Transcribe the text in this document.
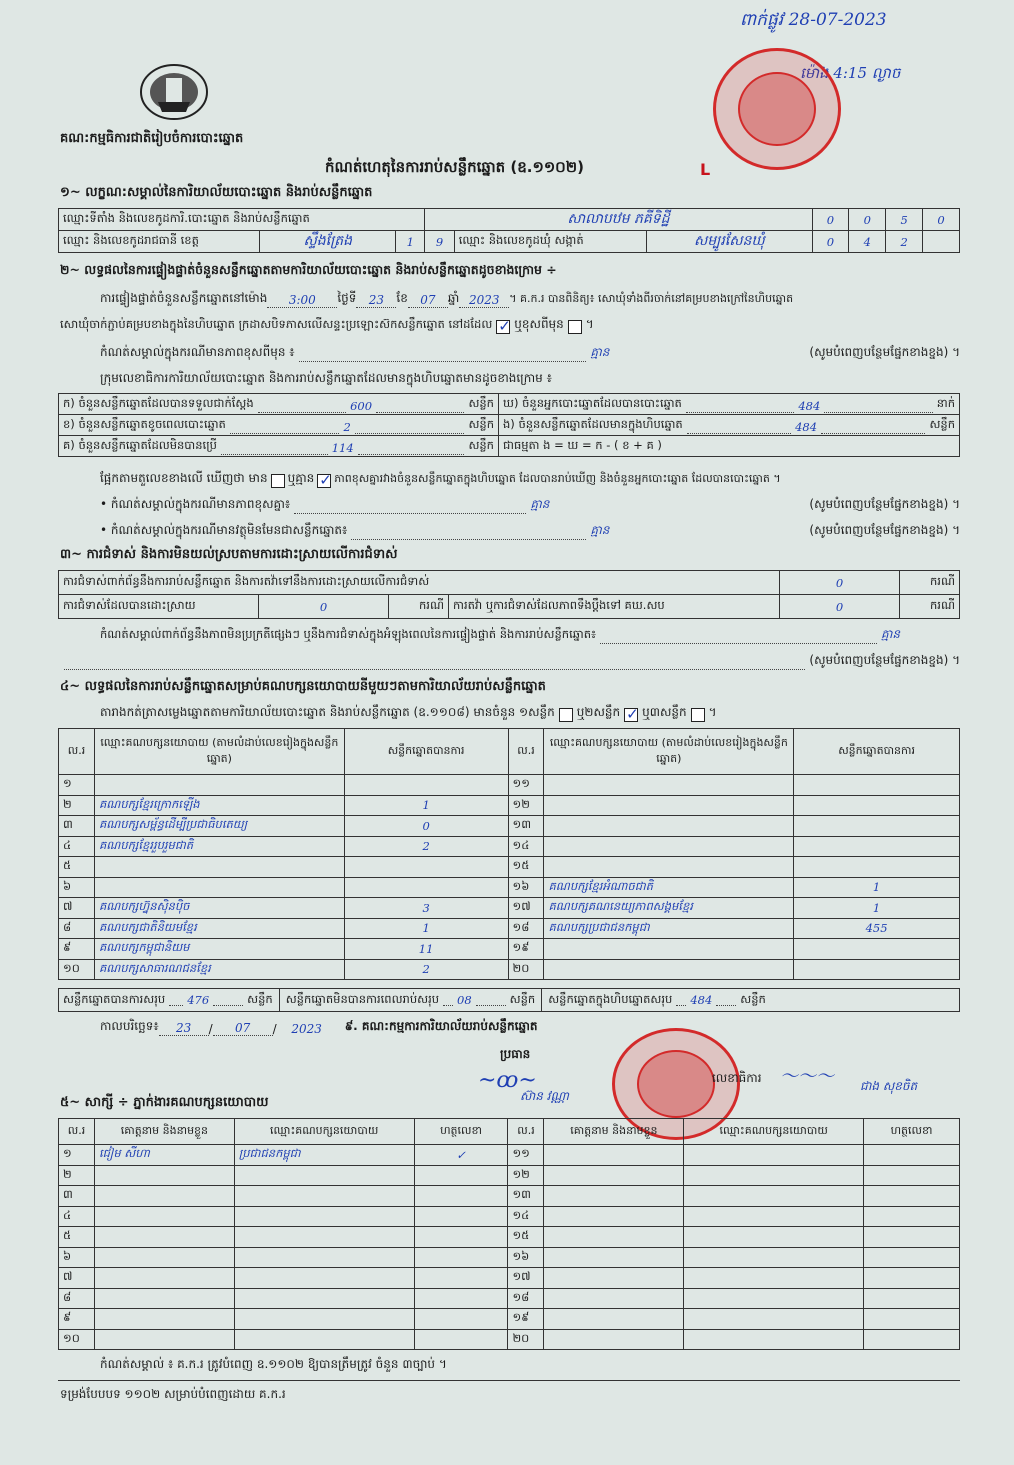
គណ:កម្មធិការជាតិរៀបចំការបោះឆ្នោត
កំណត់ហេតុនៃការរាប់សន្លឹកឆ្នោត (ឧ.១១០២)	L
ពាក់ផ្លូវ 28-07-2023
ម៉ោង 4:15 ល្ងាច
១~ លក្ខណ:សម្គាល់នៃការិយាល័យបោះឆ្នោត និងរាប់សន្លឹកឆ្នោត
ឈ្មោះទីតាំង និងលេខកូដការិ.បោះឆ្នោត និងរាប់សន្លឹកឆ្នោត			សាលាបឋម ភគីទិដ្ឋី			0	0	5	0
ឈ្មោះ និងលេខកូដរាជធានី ខេត្ត	ស្ទឹងត្រែង	1	9	ឈ្មោះ និងលេខកូដឃុំ សង្កាត់	សម្បូរសែនឃុំ	0	4	2	
២~ លទ្ធផលនៃការផ្ទៀងផ្ទាត់ចំនួនសន្លឹកឆ្នោតតាមការិយាល័យបោះឆ្នោត និងរាប់សន្លឹកឆ្នោតដូចខាងក្រោម ÷
ការផ្ទៀងផ្ទាត់ចំនួនសន្លឹកឆ្នោតនៅម៉ោង	3:00	ថ្ងៃទី	23	ខែ	07	ឆ្នាំ 2023 ។ គ.ក.រ បានពិនិត្យ៖ សោឃុំទាំងពីរចាក់នៅគម្របខាងក្រៅនៃហិបឆ្នោត
សោឃុំចាក់ភ្ជាប់គម្របខាងក្នុងនៃហិបឆ្នោត ក្រដាសបិទភាសលើសន្ទះប្រឡោះស៊កសន្លឹកឆ្នោត នៅដដែល ✓ ឬខុសពីមុន ។
កំណត់សម្គាល់ក្នុងករណីមានភាពខុសពីមុន ៖	គ្មាន	(សូមបំពេញបន្ថែមផ្នែកខាងខ្នង) ។
ក្រុមលេខាធិការការិយាល័យបោះឆ្នោត និងការរាប់សន្លឹកឆ្នោតដែលមានក្នុងហិបឆ្នោតមានដូចខាងក្រោម ៖
ក) ចំនួនសន្លឹកឆ្នោតដែលបានទទួលជាក់ស្តែង 600 សន្លឹក	ឃ) ចំនួនអ្នកបោះឆ្នោតដែលបានបោះឆ្នោត 484 នាក់

ខ) ចំនួនសន្លឹកឆ្នោតខូចពេលបោះឆ្នោត 2 សន្លឹក	ង) ចំនួនសន្លឹកឆ្នោតដែលមានក្នុងហិបឆ្នោត 484 សន្លឹក

គ) ចំនួនសន្លឹកឆ្នោតដែលមិនបានប្រើ 114 សន្លឹក	ជាធម្មតា ង = ឃ = ក - ( ខ + គ )
ផ្អែកតាមតួលេខខាងលើ ឃើញថា មាន ឬគ្មាន ✓ ភាពខុសគ្នារវាងចំនួនសន្លឹកឆ្នោតក្នុងហិបឆ្នោត ដែលបានរាប់ឃើញ និងចំនួនអ្នកបោះឆ្នោត ដែលបានបោះឆ្នោត ។
• កំណត់សម្គាល់ក្នុងករណីមានភាពខុសគ្នា៖	គ្មាន	(សូមបំពេញបន្ថែមផ្នែកខាងខ្នង) ។
• កំណត់សម្គាល់ក្នុងករណីមានវត្ថុមិនមែនជាសន្លឹកឆ្នោត៖	គ្មាន	(សូមបំពេញបន្ថែមផ្នែកខាងខ្នង) ។
៣~ ការជំទាស់ និងការមិនយល់ស្របតាមការដោះស្រាយលើការជំទាស់
ការជំទាស់ពាក់ព័ន្ធនឹងការរាប់សន្លឹកឆ្នោត និងការតវ៉ាទៅនឹងការដោះស្រាយលើការជំទាស់				0	ករណី
ការជំទាស់ដែលបានដោះស្រាយ	0	ករណី	ការតវ៉ា ឬការជំទាស់ដែលភាពទឹងប្តឹងទៅ គឃ.សប	0	ករណី
កំណត់សម្គាល់ពាក់ព័ន្ធនឹងភាពមិនប្រក្រតីផ្សេងៗ ឬនឹងការជំទាស់ក្នុងអំឡុងពេលនៃការផ្ទៀងផ្ទាត់ និងការរាប់សន្លឹកឆ្នោត៖	គ្មាន
(សូមបំពេញបន្ថែមផ្នែកខាងខ្នង) ។
៤~ លទ្ធផលនៃការរាប់សន្លឹកឆ្នោតសម្រាប់គណបក្សនយោបាយនីមួយៗតាមការិយាល័យរាប់សន្លឹកឆ្នោត
តារាងកត់ត្រាសម្លេងឆ្នោតតាមការិយាល័យបោះឆ្នោត និងរាប់សន្លឹកឆ្នោត (ឧ.១១០៨) មានចំនួន ១សន្លឹក ឬ២សន្លឹក ✓ ឬ៣សន្លឹក ។
ល.រ	ឈ្មោះគណបក្សនយោបាយ (តាមលំដាប់លេខរៀងក្នុងសន្លឹកឆ្នោត)	សន្លឹកឆ្នោតបានការ	ល.រ	ឈ្មោះគណបក្សនយោបាយ (តាមលំដាប់លេខរៀងក្នុងសន្លឹកឆ្នោត)	សន្លឹកឆ្នោតបានការ
១			១១		
២	គណបក្សខ្មែរក្រោកឡើង	1	១២		
៣	គណបក្សសម្ព័ន្ធដើម្បីប្រជាធិបតេយ្យ	0	១៣		
៤	គណបក្សខ្មែររួបរួមជាតិ	2	១៤		
៥			១៥		
៦			១៦	គណបក្សខ្មែរអំណាចជាតិ	1
៧	គណបក្សហ្វ៊ុនស៊ិនប៉ិច	3	១៧	គណបក្សគណនេយ្យភាពសង្គមខ្មែរ	1
៨	គណបក្សជាតិនិយមខ្មែរ	1	១៨	គណបក្សប្រជាជនកម្ពុជា	455
៩	គណបក្សកម្ពុជានិយម	11	១៩		
១០	គណបក្សសាធារណជនខ្មែរ	2	២០		
សន្លឹកឆ្នោតបានការសរុប 476	សន្លឹក សន្លឹកឆ្នោតមិនបានការពេលរាប់សរុប 08	សន្លឹក សន្លឹកឆ្នោតក្នុងហិបឆ្នោតសរុប 484 សន្លឹក
កាលបរិច្ឆេទ៖	23	/	07	/	2023	៩. គណ:កម្មការការិយាល័យរាប់សន្លឹកឆ្នោត
ប្រធាន
~ꝏ~
ស៊ាន វណ្ណា
លេខាធិការ ～～～ ជាង សុខចិត
៥~ សាក្សី ÷ ភ្នាក់ងារគណបក្សនយោបាយ
ល.រ	គោត្តនាម និងនាមខ្លួន	ឈ្មោះគណបក្សនយោបាយ	ហត្ថលេខា	ល.រ	គោត្តនាម និងនាមខ្លួន	ឈ្មោះគណបក្សនយោបាយ	ហត្ថលេខា
១	ជៀម សីហា	ប្រជាជនកម្ពុជា	✓	១១			
២				១២			
៣				១៣			
៤				១៤			
៥				១៥			
៦				១៦			
៧				១៧			
៨				១៨			
៩				១៩			
១០				២០			
កំណត់សម្គាល់ ៖ គ.ក.រ ត្រូវបំពេញ ឧ.១១០២ ឱ្យបានត្រឹមត្រូវ ចំនួន ៣ច្បាប់ ។
ទម្រង់បែបបទ ១១០២ សម្រាប់បំពេញដោយ គ.ក.រ
